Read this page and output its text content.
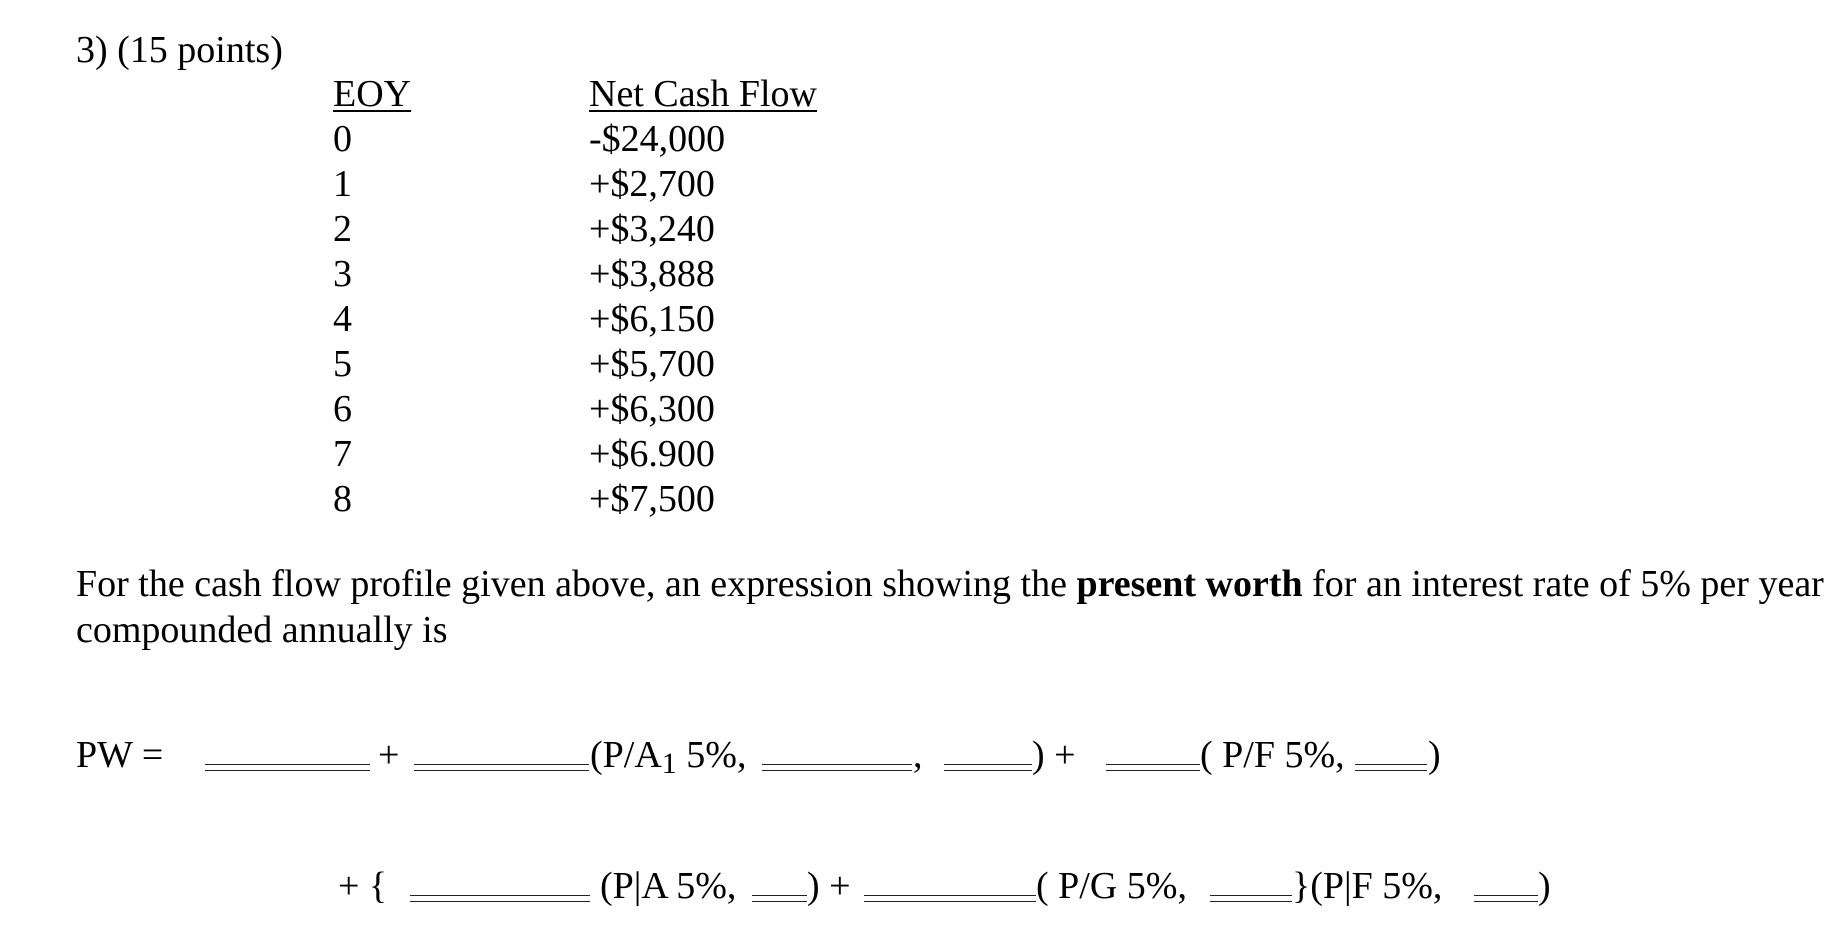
3) (15 points)
EOY	Net Cash Flow
0	-$24,000
1	+$2,700
2	+$3,240
3	+$3,888
4	+$6,150
5	+$5,700
6	+$6,300
7	+$6.900
8	+$7,500
For the cash flow profile given above, an expression showing the present worth for an interest rate of 5% per year compounded annually is
PW =	+	($P/A_1$ 5%,	,	) +	( P/F 5%, )
+ {	(P|A 5%, ) +	( P/G 5%,	}(P|F 5%,	)
